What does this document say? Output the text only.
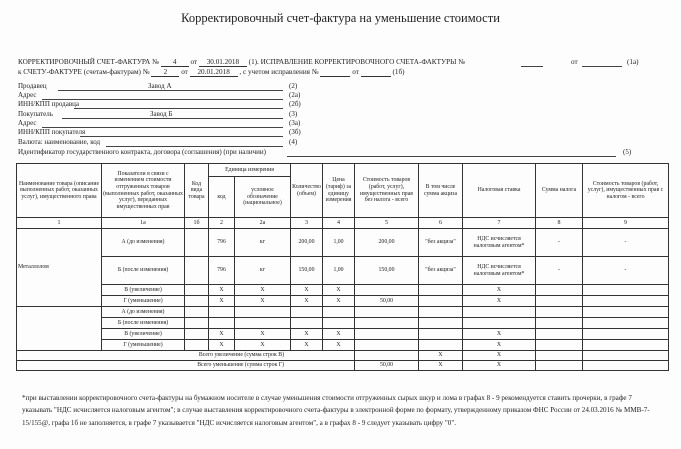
Корректировочный счет-фактура на уменьшение стоимости
КОРРЕКТИРОВОЧНЫЙ СЧЕТ-ФАКТУРА № 4 от 30.01.2018 (1). ИСПРАВЛЕНИЕ КОРРЕКТИРОВОЧНОГО СЧЕТА-ФАКТУРЫ №	от	(1а)
к СЧЕТУ-ФАКТУРЕ (счетам-фактурам) № 2 от 20.01.2018 , с учетом исправления №	от	(1б)
Продавец	Завод А	(2)
Адрес	(2а)
ИНН/КПП продавца	(2б)
Покупатель	Завод Б	(3)
Адрес	(3а)
ИНН/КПП покупателя	(3б)
Валюта: наименование, код	(4)
Идентификатор государственного контракта, договора (соглашения) (при наличии)	(5)
Наименование товара (описание выполненных работ, оказанных услуг), имущественного права	Показатели в связи с изменением стоимости отгруженных товаров (выполненных работ, оказанных услуг), переданных имущественных прав	Код вида товара	Единица измерения		Количество (объем)	Цена (тариф) за единицу измерения	Стоимость товаров (работ, услуг), имущественных прав без налога - всего	В том числе сумма акциза	Налоговая ставка	Сумма налога	Стоимость товаров (работ, услуг), имущественных прав с налогом - всего
			код	условное обозначение (национальное)							
1	1а	1б	2	2а	3	4	5	6	7	8	9
Металлолом	А (до изменения)		796	кг	200,00	1,00	200,00	"без акциза"	НДС исчисляется налоговым агентом*	-	-
	Б (после изменения)		796	кг	150,00	1,00	150,00	"без акциза"	НДС исчисляется налоговым агентом*	-	-
	В (увеличение)		Х	Х	Х	Х			Х		
	Г (уменьшение)		Х	Х	Х	Х	50,00		Х		
	А (до изменения)										
	Б (после изменения)										
	В (увеличение)		Х	Х	Х	Х			Х		
	Г (уменьшение)		Х	Х	Х	Х			Х		
Всего увеличение (сумма строк В)								Х	Х		
Всего уменьшение (сумма строк Г)							50,00	Х	Х		
*при выставлении корректировочного счета-фактуры на бумажном носителе в случае уменьшения стоимости отгруженных сырых шкур и лома в графах 8 - 9 рекомендуется ставить прочерки, в графе 7 указывать "НДС исчисляется налоговым агентом"; в случае выставления корректировочного счета-фактуры в электронной форме по формату, утвержденному приказом ФНС России от 24.03.2016 № ММВ-7-15/155@, графа 1б не заполняется, в графе 7 указывается "НДС исчисляется налоговым агентом", а в графах 8 - 9 следует указывать цифру "0".
